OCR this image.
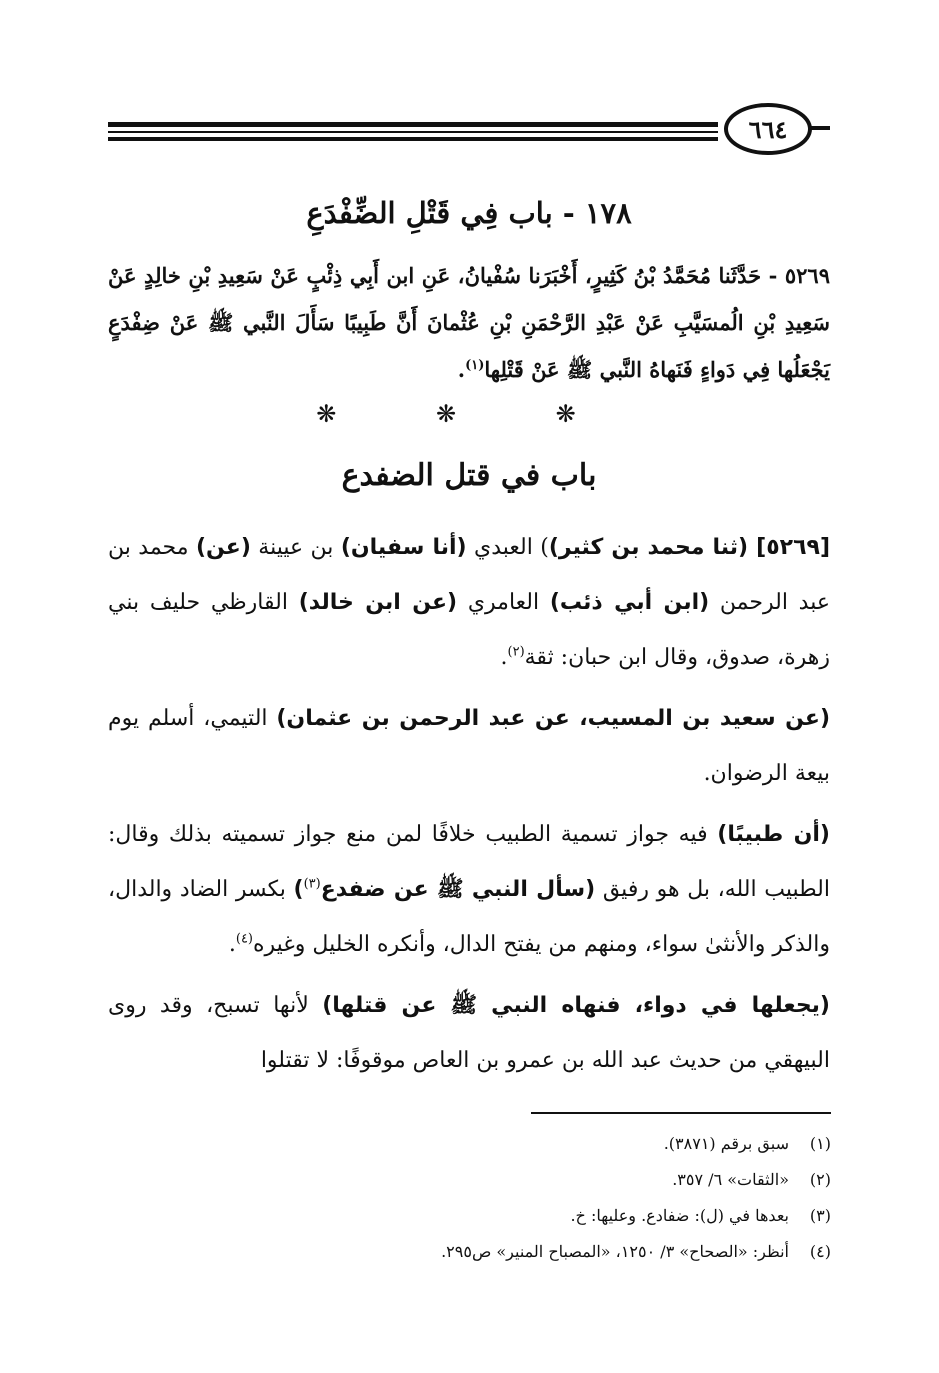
٦٦٤
١٧٨ - باب فِي قَتْلِ الضِّفْدَعِ
٥٢٦٩ - حَدَّثَنا مُحَمَّدُ بْنُ كَثِيرٍ، أَخْبَرَنا سُفْيانُ، عَنِ ابن أَبِي ذِئْبٍ عَنْ سَعِيدِ بْنِ خالِدٍ عَنْ سَعِيدِ بْنِ الُمسَيَّبِ عَنْ عَبْدِ الرَّحْمَنِ بْنِ عُثْمانَ أَنَّ طَبِيبًا سَأَلَ النَّبي ﷺ عَنْ ضِفْدَعٍ يَجْعَلُها فِي دَواءٍ فَنَهاهُ النَّبي ﷺ عَنْ قَتْلِها$^{(١)}$.
❋ ❋ ❋
باب في قتل الضفدع

[٥٢٦٩] (ثنا محمد بن كثير)) العبدي (أنا سفيان) بن عيينة (عن) محمد بن عبد الرحمن (ابن أبي ذئب) العامري (عن ابن خالد) القارظي حليف بني زهرة، صدوق، وقال ابن حبان: ثقة$^{(٢)}$.

(عن سعيد بن المسيب، عن عبد الرحمن بن عثمان) التيمي، أسلم يوم بيعة الرضوان.

(أن طبيبًا) فيه جواز تسمية الطبيب خلافًا لمن منع جواز تسميته بذلك وقال: الطبيب الله، بل هو رفيق (سأل النبي ﷺ عن ضفدع$^{(٣)}$) بكسر الضاد والدال، والذكر والأنثىٰ سواء، ومنهم من يفتح الدال، وأنكره الخليل وغيره$^{(٤)}$.

(يجعلها في دواء، فنهاه النبي ﷺ عن قتلها) لأنها تسبح، وقد روى البيهقي من حديث عبد الله بن عمرو بن العاص موقوفًا: لا تقتلوا

(١)
سبق برقم (٣٨٧١).
(٢)
«الثقات» ٦/ ٣٥٧.
(٣)
بعدها في (ل): ضفادع. وعليها: خ.
(٤)
أنظر: «الصحاح» ٣/ ١٢٥٠، «المصباح المنير» ص٢٩٥.
